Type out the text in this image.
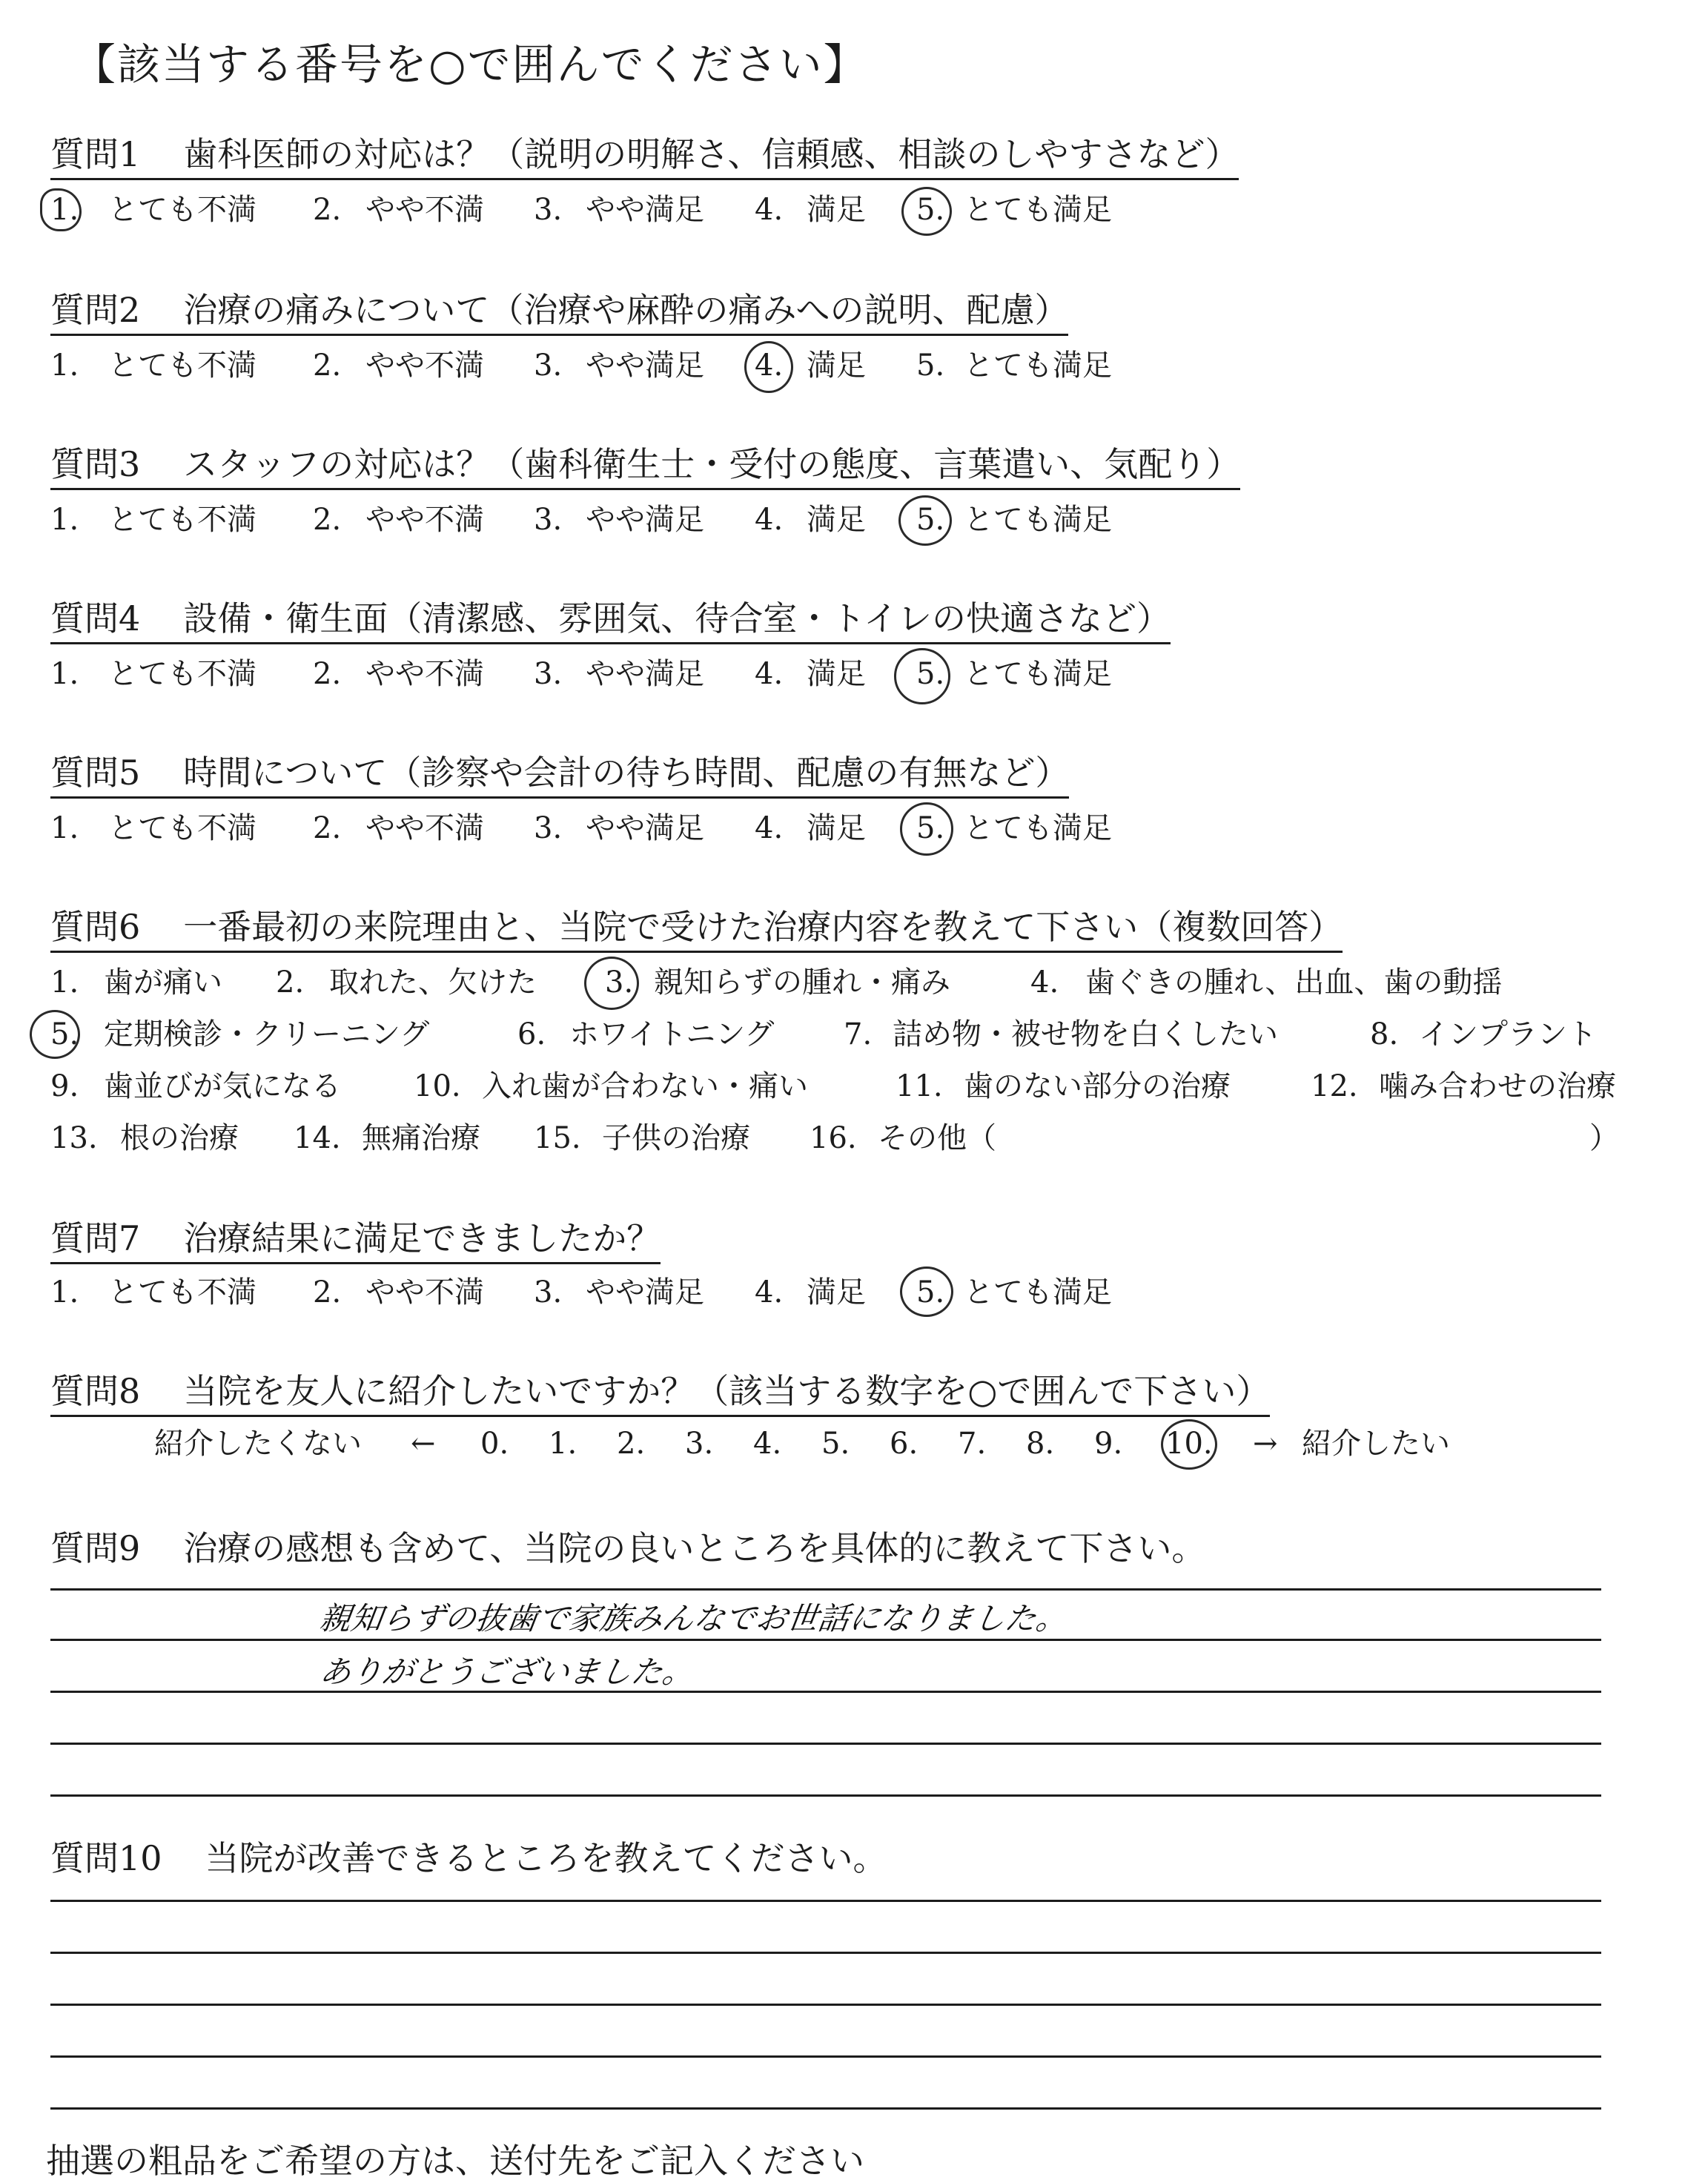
【該当する番号を○で囲んでください】
質問1 歯科医師の対応は？（説明の明解さ、信頼感、相談のしやすさなど）
1. とても不満 2. やや不満 3. やや満足 4. 満足 5. とても満足
質問2 治療の痛みについて（治療や麻酔の痛みへの説明、配慮）
1. とても不満 2. やや不満 3. やや満足 4. 満足 5. とても満足
質問3 スタッフの対応は？（歯科衛生士・受付の態度、言葉遣い、気配り）
1. とても不満 2. やや不満 3. やや満足 4. 満足 5. とても満足
質問4 設備・衛生面（清潔感、雰囲気、待合室・トイレの快適さなど）
1. とても不満 2. やや不満 3. やや満足 4. 満足 5. とても満足
質問5 時間について（診察や会計の待ち時間、配慮の有無など）
1. とても不満 2. やや不満 3. やや満足 4. 満足 5. とても満足
質問6 一番最初の来院理由と、当院で受けた治療内容を教えて下さい（複数回答）
1. 歯が痛い 2. 取れた、欠けた 3. 親知らずの腫れ・痛み	4. 歯ぐきの腫れ、出血、歯の動揺
5. 定期検診・クリーニング	6. ホワイトニング 7. 詰め物・被せ物を白くしたい	8. インプラント
9. 歯並びが気になる 10. 入れ歯が合わない・痛い	11. 歯のない部分の治療	12. 噛み合わせの治療
13. 根の治療 14. 無痛治療 15. 子供の治療 16. その他（	）
質問7 治療結果に満足できましたか？
1. とても不満 2. やや不満 3. やや満足 4. 満足 5. とても満足
質問8 当院を友人に紹介したいですか？（該当する数字を○で囲んで下さい）
紹介したくない ← 0. 1. 2. 3. 4. 5. 6. 7. 8. 9. 10. → 紹介したい
質問9 治療の感想も含めて、当院の良いところを具体的に教えて下さい。
親知らずの抜歯で家族みんなでお世話になりました。
ありがとうございました。
質問10 当院が改善できるところを教えてください。
抽選の粗品をご希望の方は、送付先をご記入ください
